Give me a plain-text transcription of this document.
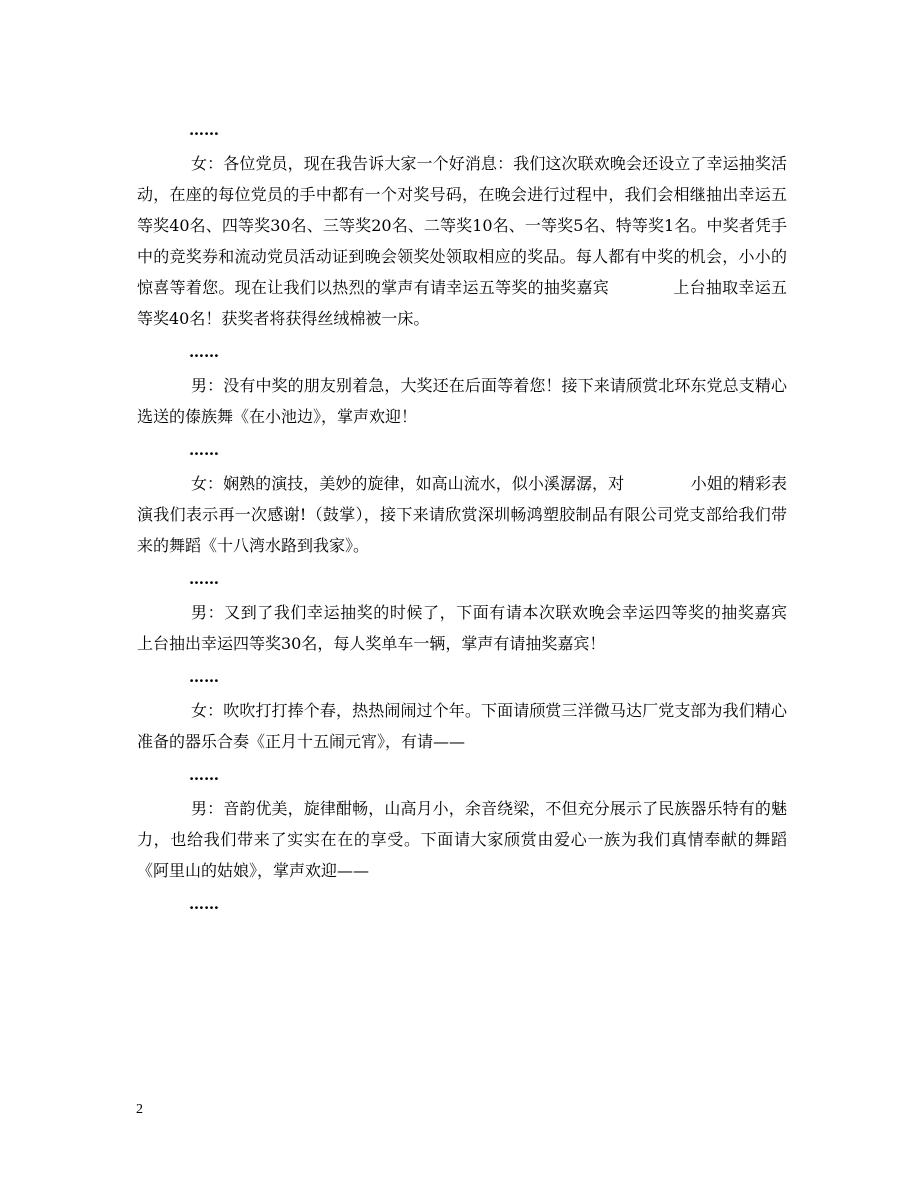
……

女：各位党员，现在我告诉大家一个好消息：我们这次联欢晚会还设立了幸运抽奖活动，在座的每位党员的手中都有一个对奖号码，在晚会进行过程中，我们会相继抽出幸运五等奖40名、四等奖30名、三等奖20名、二等奖10名、一等奖5名、特等奖1名。中奖者凭手中的竞奖券和流动党员活动证到晚会领奖处领取相应的奖品。每人都有中奖的机会，小小的惊喜等着您。现在让我们以热烈的掌声有请幸运五等奖的抽奖嘉宾            上台抽取幸运五等奖40名！获奖者将获得丝绒棉被一床。

……

男：没有中奖的朋友别着急，大奖还在后面等着您！接下来请颀赏北环东党总支精心选送的傣族舞《在小池边》，掌声欢迎！

……

女：娴熟的演技，美妙的旋律，如高山流水，似小溪潺潺，对             小姐的精彩表演我们表示再一次感谢!（鼓掌），接下来请欣赏深圳畅鸿塑胶制品有限公司党支部给我们带来的舞蹈《十八湾水路到我家》。

……

男：又到了我们幸运抽奖的时候了，下面有请本次联欢晚会幸运四等奖的抽奖嘉宾               上台抽出幸运四等奖30名，每人奖单车一辆，掌声有请抽奖嘉宾！

……

女：吹吹打打捧个春，热热闹闹过个年。下面请颀赏三洋微马达厂党支部为我们精心准备的器乐合奏《正月十五闹元宵》，有请——

……

男：音韵优美，旋律酣畅，山高月小，余音绕梁，不但充分展示了民族器乐特有的魅力，也给我们带来了实实在在的享受。下面请大家颀赏由爱心一族为我们真情奉献的舞蹈《阿里山的姑娘》，掌声欢迎——

……
2
